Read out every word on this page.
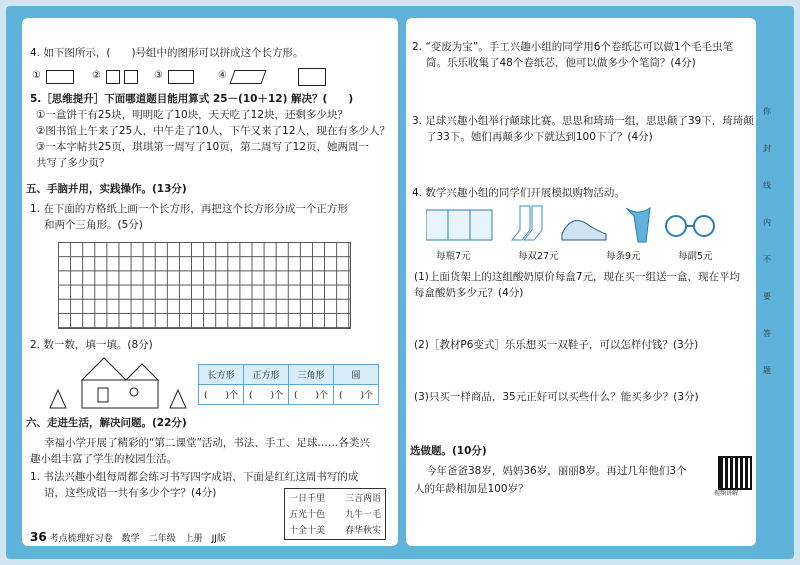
4. 如下图所示，(　　)号组中的图形可以拼成这个长方形。
①	②	③	④
5.［思维提升］下面哪道题目能用算式 25－(10＋12) 解决？(　　)
①一盒饼干有25块，明明吃了10块，天天吃了12块，还剩多少块？
②图书馆上午来了25人，中午走了10人，下午又来了12人，现在有多少人？
③一本字帖共25页，琪琪第一周写了10页，第二周写了12页，她两周一
共写了多少页？
五、手脑并用，实践操作。(13分)
1. 在下面的方格纸上画一个长方形，再把这个长方形分成一个正方形
和两个三角形。(5分)
2. 数一数，填一填。(8分)
长方形	正方形	三角形	圆
(　　)个	(　　)个	(　　)个	(　　)个
六、走进生活，解决问题。(22分)
幸福小学开展了精彩的“第二课堂”活动，书法、手工、足球……各类兴
趣小组丰富了学生的校园生活。
1. 书法兴趣小组每周都会练习书写四字成语，下面是红红这周书写的成
语，这些成语一共有多少个字？(4分)	一日千里 三言两语
五光十色 九牛一毛
十全十美 春华秋实
36 考点梳理好习卷　数学　二年级　上册　JJ版
2. “变废为宝”。手工兴趣小组的同学用6个卷纸芯可以做1个毛毛虫笔
筒。乐乐收集了48个卷纸芯，他可以做多少个笔筒？(4分)
3. 足球兴趣小组举行颠球比赛。思思和琦琦一组，思思颠了39下，琦琦颠
了33下。她们再颠多少下就达到100下了？(4分)
4. 数学兴趣小组的同学们开展模拟购物活动。
每瓶7元	每双27元	每条9元	每副5元
(1)上面货架上的这组酸奶原价每盒7元，现在买一组送一盒，现在平均
每盒酸奶多少元？(4分)
(2)［教材P6变式］乐乐想买一双鞋子，可以怎样付钱？(3分)
(3)只买一样商品，35元正好可以买些什么？能买多少？(3分)
选做题。(10分)
今年爸爸38岁，妈妈36岁，丽丽8岁。再过几年他们3个
人的年龄相加是100岁？	视频讲解
你
封
线
内
不
要
答
题
